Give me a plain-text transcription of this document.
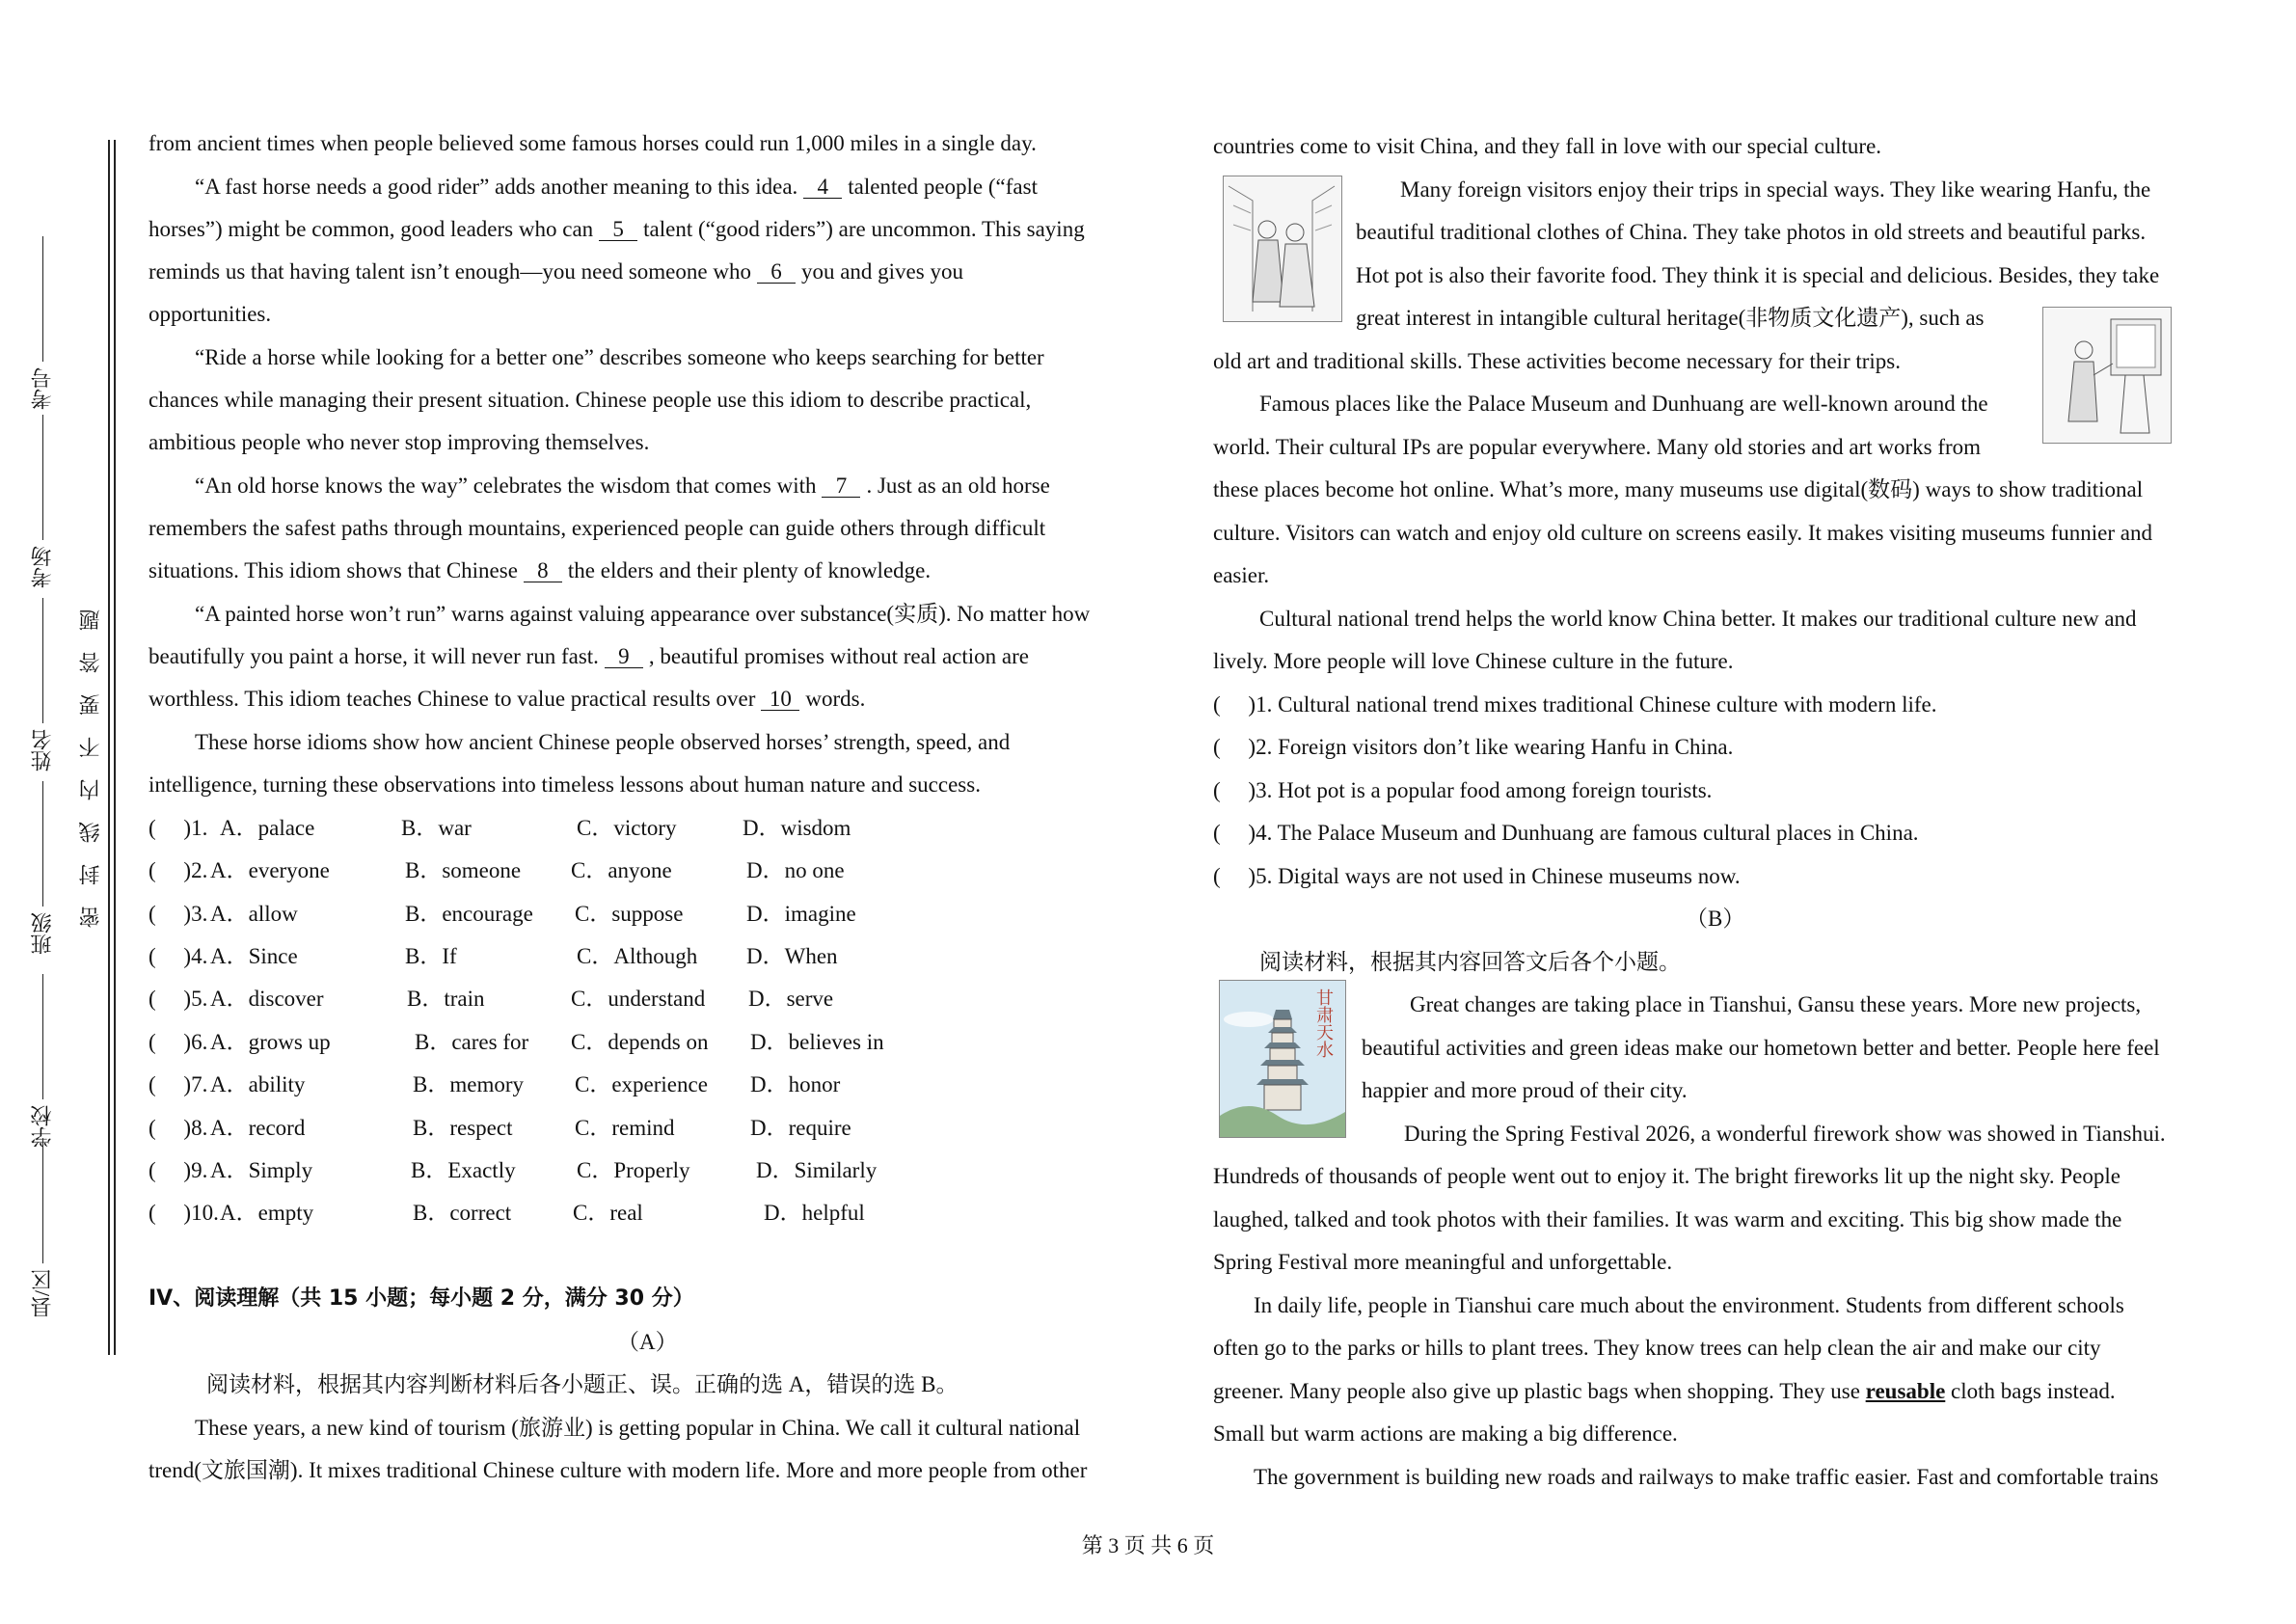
考号
考场
姓名
班级
学校
县/区
密封线内不要答题
from ancient times when people believed some famous horses could run 1,000 miles in a single day.
“A fast horse needs a good rider” adds another meaning to this idea. 4 talented people (“fast
horses”) might be common, good leaders who can 5 talent (“good riders”) are uncommon. This saying
reminds us that having talent isn’t enough—you need someone who 6 you and gives you
opportunities.
“Ride a horse while looking for a better one” describes someone who keeps searching for better
chances while managing their present situation. Chinese people use this idiom to describe practical,
ambitious people who never stop improving themselves.
“An old horse knows the way” celebrates the wisdom that comes with 7 . Just as an old horse
remembers the safest paths through mountains, experienced people can guide others through difficult
situations. This idiom shows that Chinese 8 the elders and their plenty of knowledge.
“A painted horse won’t run” warns against valuing appearance over substance(实质). No matter how
beautifully you paint a horse, it will never run fast. 9 , beautiful promises without real action are
worthless. This idiom teaches Chinese to value practical results over 10 words.
These horse idioms show how ancient Chinese people observed horses’ strength, speed, and
intelligence, turning these observations into timeless lessons about human nature and success.
(　 )1. A．palace	B．war	C．victory	D．wisdom
(　 )2. A．everyone	B．someone C．anyone	D．no one
(　 )3. A．allow	B．encourage C．suppose	D．imagine
(　 )4. A．Since	B．If	C．Although D．When
(　 )5. A．discover	B．train	C．understand D．serve
(　 )6. A．grows up	B．cares for C．depends on D．believes in
(　 )7. A．ability	B．memory C．experience D．honor
(　 )8. A．record	B．respect	C．remind	D．require
(　 )9. A．Simply	B．Exactly	C．Properly	D．Similarly
(　 )10. A．empty	B．correct	C．real	D．helpful
IV、阅读理解（共 15 小题；每小题 2 分，满分 30 分）
（A）
阅读材料，根据其内容判断材料后各小题正、误。正确的选 A，错误的选 B。
These years, a new kind of tourism (旅游业) is getting popular in China. We call it cultural national
trend(文旅国潮). It mixes traditional Chinese culture with modern life. More and more people from other
countries come to visit China, and they fall in love with our special culture.
Many foreign visitors enjoy their trips in special ways. They like wearing Hanfu, the
beautiful traditional clothes of China. They take photos in old streets and beautiful parks.
Hot pot is also their favorite food. They think it is special and delicious. Besides, they take
great interest in intangible cultural heritage(非物质文化遗产), such as
old art and traditional skills. These activities become necessary for their trips.
Famous places like the Palace Museum and Dunhuang are well-known around the
world. Their cultural IPs are popular everywhere. Many old stories and art works from
these places become hot online. What’s more, many museums use digital(数码) ways to show traditional
culture. Visitors can watch and enjoy old culture on screens easily. It makes visiting museums funnier and
easier.
Cultural national trend helps the world know China better. It makes our traditional culture new and
lively. More people will love Chinese culture in the future.
(　 )1. Cultural national trend mixes traditional Chinese culture with modern life.
(　 )2. Foreign visitors don’t like wearing Hanfu in China.
(　 )3. Hot pot is a popular food among foreign tourists.
(　 )4. The Palace Museum and Dunhuang are famous cultural places in China.
(　 )5. Digital ways are not used in Chinese museums now.
（B）
阅读材料，根据其内容回答文后各个小题。
甘肃天水	Great changes are taking place in Tianshui, Gansu these years. More new projects,
beautiful activities and green ideas make our hometown better and better. People here feel
happier and more proud of their city.
During the Spring Festival 2026, a wonderful firework show was showed in Tianshui.
Hundreds of thousands of people went out to enjoy it. The bright fireworks lit up the night sky. People
laughed, talked and took photos with their families. It was warm and exciting. This big show made the
Spring Festival more meaningful and unforgettable.
In daily life, people in Tianshui care much about the environment. Students from different schools
often go to the parks or hills to plant trees. They know trees can help clean the air and make our city
greener. Many people also give up plastic bags when shopping. They use reusable cloth bags instead.
Small but warm actions are making a big difference.
The government is building new roads and railways to make traffic easier. Fast and comfortable trains
第 3 页 共 6 页
